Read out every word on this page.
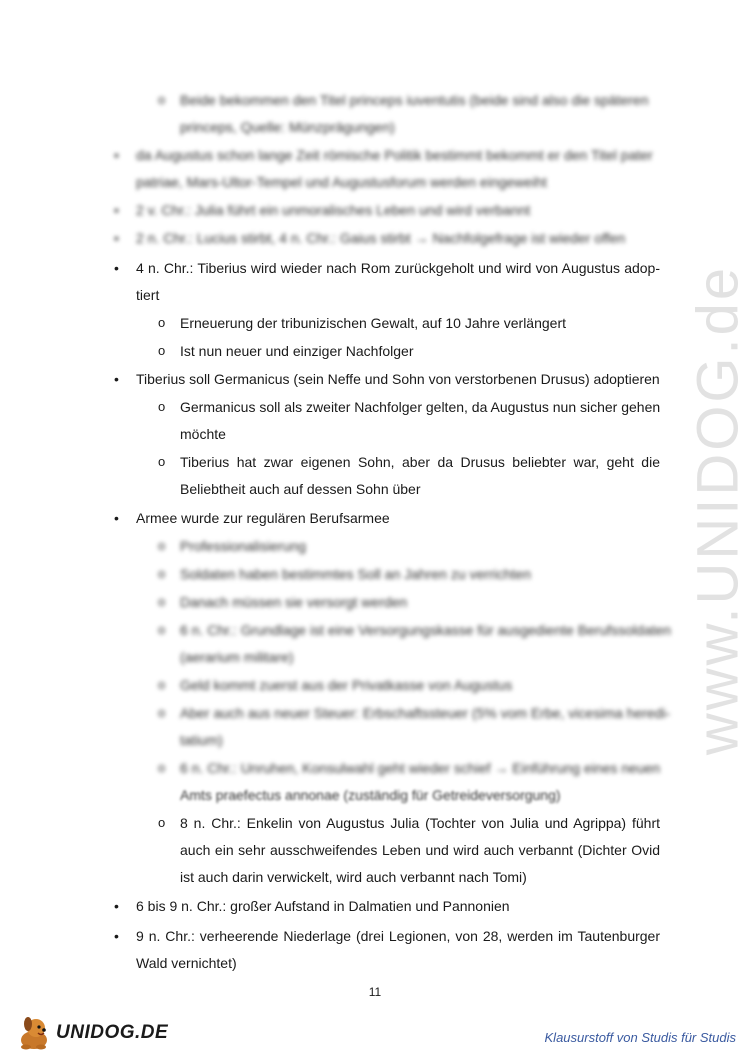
www.UNIDOG.de
o Beide bekommen den Titel princeps iuventutis (beide sind also die späteren
princeps, Quelle: Münzprägungen)
• da Augustus schon lange Zeit römische Politik bestimmt bekommt er den Titel pater
patriae, Mars-Ultor-Tempel und Augustusforum werden eingeweiht
• 2 v. Chr.: Julia führt ein unmoralisches Leben und wird verbannt
• 2 n. Chr.: Lucius stirbt, 4 n. Chr.: Gaius stirbt → Nachfolgefrage ist wieder offen
• 4 n. Chr.: Tiberius wird wieder nach Rom zurückgeholt und wird von Augustus adop-
tiert
o Erneuerung der tribunizischen Gewalt, auf 10 Jahre verlängert
o Ist nun neuer und einziger Nachfolger
• Tiberius soll Germanicus (sein Neffe und Sohn von verstorbenen Drusus) adoptieren
o Germanicus soll als zweiter Nachfolger gelten, da Augustus nun sicher gehen
möchte
o Tiberius hat zwar eigenen Sohn, aber da Drusus beliebter war, geht die
Beliebtheit auch auf dessen Sohn über
• Armee wurde zur regulären Berufsarmee
o Professionalisierung
o Soldaten haben bestimmtes Soll an Jahren zu verrichten
o Danach müssen sie versorgt werden
o 6 n. Chr.: Grundlage ist eine Versorgungskasse für ausgediente Berufssoldaten
(aerarium militare)
o Geld kommt zuerst aus der Privatkasse von Augustus
o Aber auch aus neuer Steuer: Erbschaftssteuer (5% vom Erbe, vicesima heredi-
tatium)
o 6 n. Chr.: Unruhen, Konsulwahl geht wieder schief → Einführung eines neuen
Amts praefectus annonae (zuständig für Getreideversorgung)
o 8 n. Chr.: Enkelin von Augustus Julia (Tochter von Julia und Agrippa) führt
auch ein sehr ausschweifendes Leben und wird auch verbannt (Dichter Ovid
ist auch darin verwickelt, wird auch verbannt nach Tomi)
• 6 bis 9 n. Chr.: großer Aufstand in Dalmatien und Pannonien
• 9 n. Chr.: verheerende Niederlage (drei Legionen, von 28, werden im Tautenburger
Wald vernichtet)
11
UNIDOG.DE	Klausurstoff von Studis für Studis
